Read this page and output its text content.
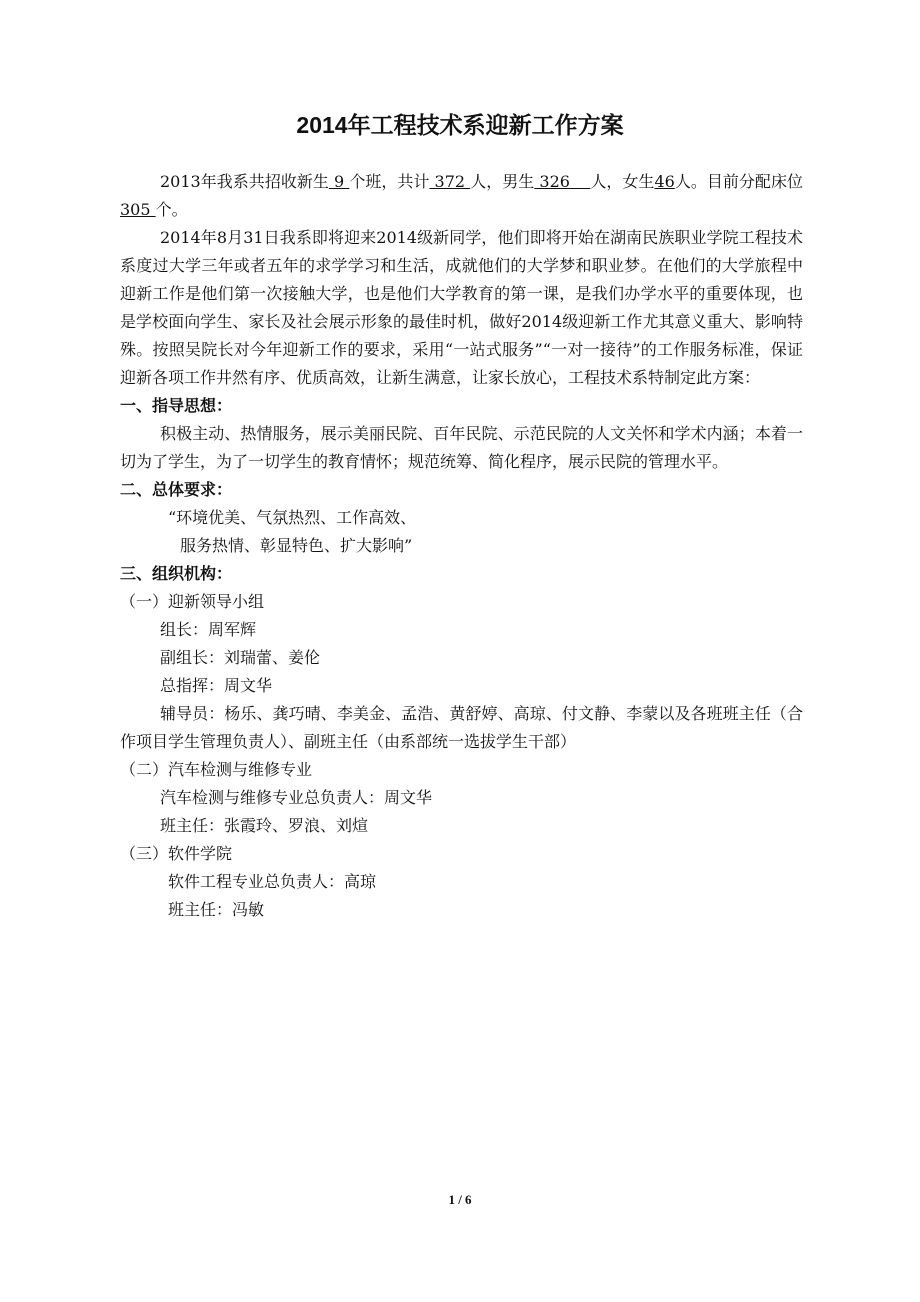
2014年工程技术系迎新工作方案

2013年我系共招收新生 9 个班，共计 372 人，男生 326    人，女生46人。目前分配床位 305 个。

2014年8月31日我系即将迎来2014级新同学，他们即将开始在湖南民族职业学院工程技术系度过大学三年或者五年的求学学习和生活，成就他们的大学梦和职业梦。在他们的大学旅程中迎新工作是他们第一次接触大学，也是他们大学教育的第一课，是我们办学水平的重要体现，也是学校面向学生、家长及社会展示形象的最佳时机，做好2014级迎新工作尤其意义重大、影响特殊。按照吴院长对今年迎新工作的要求，采用“一站式服务”“一对一接待”的工作服务标准，保证迎新各项工作井然有序、优质高效，让新生满意，让家长放心，工程技术系特制定此方案：

一、指导思想：

积极主动、热情服务，展示美丽民院、百年民院、示范民院的人文关怀和学术内涵；本着一切为了学生，为了一切学生的教育情怀；规范统筹、简化程序，展示民院的管理水平。

二、总体要求：

“环境优美、气氛热烈、工作高效、

服务热情、彰显特色、扩大影响”

三、组织机构：

（一）迎新领导小组

组长：周军辉

副组长：刘瑞蕾、姜伦

总指挥：周文华

辅导员：杨乐、龚巧晴、李美金、孟浩、黄舒婷、高琼、付文静、李蒙以及各班班主任（合作项目学生管理负责人）、副班主任（由系部统一选拔学生干部）

（二）汽车检测与维修专业

汽车检测与维修专业总负责人：周文华

班主任：张霞玲、罗浪、刘煊

（三）软件学院

软件工程专业总负责人：高琼

班主任：冯敏

1 / 6
